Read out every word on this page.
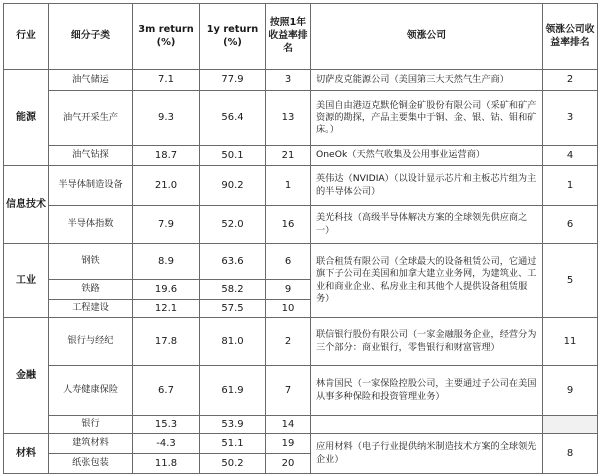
行业	细分子类	3m return (%)	1y return (%)	按照1年收益率排名	领涨公司	领涨公司收益率排名
能源	油气储运	7.1	77.9	3	切萨皮克能源公司（美国第三大天然气生产商）	2
	油气开采生产	9.3	56.4	13	美国自由港迈克默伦铜金矿股份有限公司（采矿和矿产资源的勘探，产品主要集中于铜、金、银、钴、钼和矿床。）	3
	油气钻探	18.7	50.1	21	OneOk（天然气收集及公用事业运营商）	4
信息技术	半导体制造设备	21.0	90.2	1	英伟达（NVIDIA）（以设计显示芯片和主板芯片组为主的半导体公司）	1
	半导体指数	7.9	52.0	16	美光科技（高级半导体解决方案的全球领先供应商之一）	6
工业	钢铁	8.9	63.6	6	联合租赁有限公司（全球最大的设备租赁公司，它通过旗下子公司在美国和加拿大建立业务网，为建筑业、工业和商业企业、私房业主和其他个人提供设备租赁服务）	5
	铁路	19.6	58.2	9		
	工程建设	12.1	57.5	10		
金融	银行与经纪	17.8	81.0	2	联信银行股份有限公司（一家金融服务企业，经营分为三个部分：商业银行，零售银行和财富管理）	11
	人寿健康保险	6.7	61.9	7	林肯国民（一家保险控股公司，主要通过子公司在美国从事多种保险和投资管理业务）	9
	银行	15.3	53.9	14		
材料	建筑材料	-4.3	51.1	19	应用材料（电子行业提供纳米制造技术方案的全球领先企业）	8
	纸张包装	11.8	50.2	20		
